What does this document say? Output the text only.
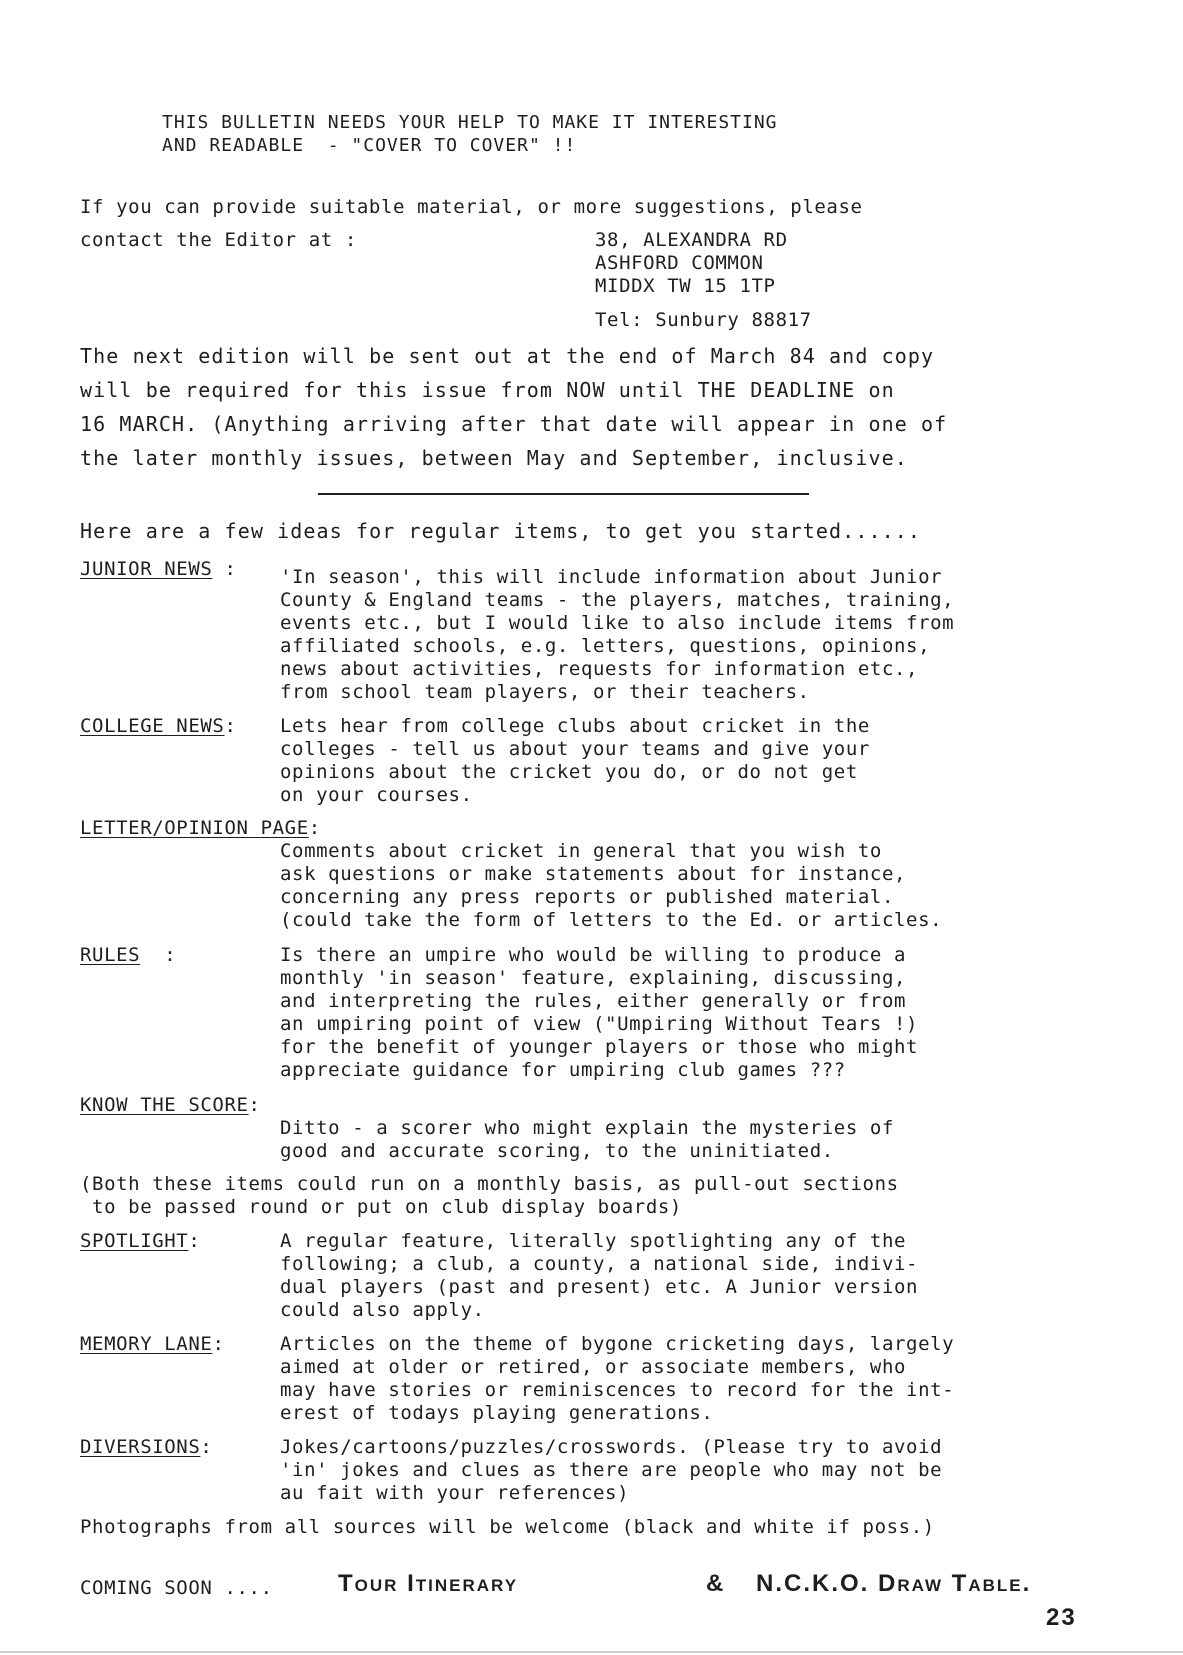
THIS BULLETIN NEEDS YOUR HELP TO MAKE IT INTERESTING
AND READABLE  - "COVER TO COVER" !!
If you can provide suitable material, or more suggestions, please
contact the Editor at :	38, ALEXANDRA RD
ASHFORD COMMON
MIDDX TW 15 1TP
Tel: Sunbury 88817
The next edition will be sent out at the end of March 84 and copy
will be required for this issue from NOW until THE DEADLINE on
16 MARCH. (Anything arriving after that date will appear in one of
the later monthly issues, between May and September, inclusive.
Here are a few ideas for regular items, to get you started......
JUNIOR NEWS : 'In season', this will include information about Junior
County & England teams - the players, matches, training,
events etc., but I would like to also include items from
affiliated schools, e.g. letters, questions, opinions,
news about activities, requests for information etc.,
from school team players, or their teachers.
COLLEGE NEWS: Lets hear from college clubs about cricket in the
colleges - tell us about your teams and give your
opinions about the cricket you do, or do not get
on your courses.
LETTER/OPINION PAGE:
Comments about cricket in general that you wish to
ask questions or make statements about for instance,
concerning any press reports or published material.
(could take the form of letters to the Ed. or articles.
RULES :	Is there an umpire who would be willing to produce a
monthly 'in season' feature, explaining, discussing,
and interpreting the rules, either generally or from
an umpiring point of view ("Umpiring Without Tears !)
for the benefit of younger players or those who might
appreciate guidance for umpiring club games ???
KNOW THE SCORE:
Ditto - a scorer who might explain the mysteries of
good and accurate scoring, to the uninitiated.
(Both these items could run on a monthly basis, as pull-out sections
to be passed round or put on club display boards)
SPOTLIGHT:	A regular feature, literally spotlighting any of the
following; a club, a county, a national side, indivi-
dual players (past and present) etc. A Junior version
could also apply.
MEMORY LANE:	Articles on the theme of bygone cricketing days, largely
aimed at older or retired, or associate members, who
may have stories or reminiscences to record for the int-
erest of todays playing generations.
DIVERSIONS:	Jokes/cartoons/puzzles/crosswords. (Please try to avoid
'in' jokes and clues as there are people who may not be
au fait with your references)
Photographs from all sources will be welcome (black and white if poss.)
COMING SOON ....	Tour Itinerary	& N.C.K.O. Draw Table.
23
